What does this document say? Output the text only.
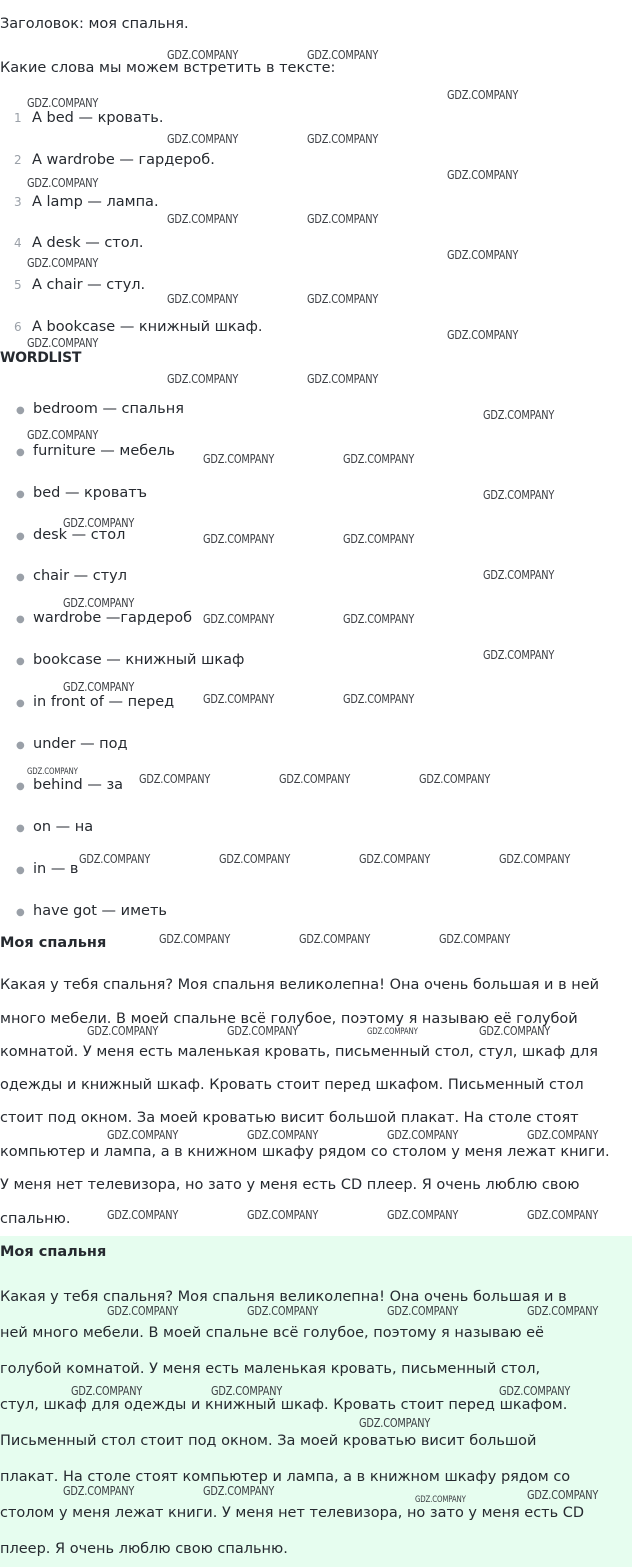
Заголовок: моя спальня.
Какие слова мы можем встретить в тексте:
1 A bed — кровать.
2 A wardrobe — гардероб.
3 A lamp — лампа.
4 A desk — стол.
5 A chair — стул.
6 A bookcase — книжный шкаф.
WORDLIST
● bedroom — спальня
● furniture — мебель
● bed — кроватъ
● desk — стол
● chair — стул
● wardrobe —гардероб
● bookcase — книжный шкаф
● in front of — перед
● under — под
● behind — за
● on — на
● in — в
● have got — иметь
Моя спальня
Какая у тебя спальня? Моя спальня великолепна! Она очень большая и в ней
много мебели. В моей спальне всё голубое, поэтому я называю её голубой
комнатой. У меня есть маленькая кровать, письменный стол, стул, шкаф для
одежды и книжный шкаф. Кровать стоит перед шкафом. Письменный стол
стоит под окном. За моей кроватью висит большой плакат. На столе стоят
компьютер и лампа, а в книжном шкафу рядом со столом у меня лежат книги.
У меня нет телевизора, но зато у меня есть CD плеер. Я очень люблю свою
спальню.
Моя спальня
Какая у тебя спальня? Моя спальня великолепна! Она очень большая и в
ней много мебели. В моей спальне всё голубое, поэтому я называю её
голубой комнатой. У меня есть маленькая кровать, письменный стол,
стул, шкаф для одежды и книжный шкаф. Кровать стоит перед шкафом.
Письменный стол стоит под окном. За моей кроватью висит большой
плакат. На столе стоят компьютер и лампа, а в книжном шкафу рядом со
столом у меня лежат книги. У меня нет телевизора, но зато у меня есть CD
плеер. Я очень люблю свою спальню.
GDZ.COMPANY	GDZ.COMPANY
GDZ.COMPANY
GDZ.COMPANY
GDZ.COMPANY	GDZ.COMPANY
GDZ.COMPANY
GDZ.COMPANY
GDZ.COMPANY	GDZ.COMPANY
GDZ.COMPANY
GDZ.COMPANY
GDZ.COMPANY	GDZ.COMPANY
GDZ.COMPANY
GDZ.COMPANY
GDZ.COMPANY	GDZ.COMPANY
GDZ.COMPANY
GDZ.COMPANY
GDZ.COMPANY	GDZ.COMPANY
GDZ.COMPANY
GDZ.COMPANY
GDZ.COMPANY	GDZ.COMPANY
GDZ.COMPANY
GDZ.COMPANY
GDZ.COMPANY	GDZ.COMPANY
GDZ.COMPANY
GDZ.COMPANY
GDZ.COMPANY	GDZ.COMPANY
GDZ.COMPANY	GDZ.COMPANY	GDZ.COMPANY	GDZ.COMPANY
GDZ.COMPANY	GDZ.COMPANY	GDZ.COMPANY	GDZ.COMPANY
GDZ.COMPANY	GDZ.COMPANY	GDZ.COMPANY
GDZ.COMPANY	GDZ.COMPANY	GDZ.COMPANY	GDZ.COMPANY
GDZ.COMPANY	GDZ.COMPANY	GDZ.COMPANY	GDZ.COMPANY
GDZ.COMPANY	GDZ.COMPANY	GDZ.COMPANY	GDZ.COMPANY
GDZ.COMPANY	GDZ.COMPANY	GDZ.COMPANY	GDZ.COMPANY
GDZ.COMPANY	GDZ.COMPANY	GDZ.COMPANY
GDZ.COMPANY
GDZ.COMPANY	GDZ.COMPANY
GDZ.COMPANY	GDZ.COMPANY
